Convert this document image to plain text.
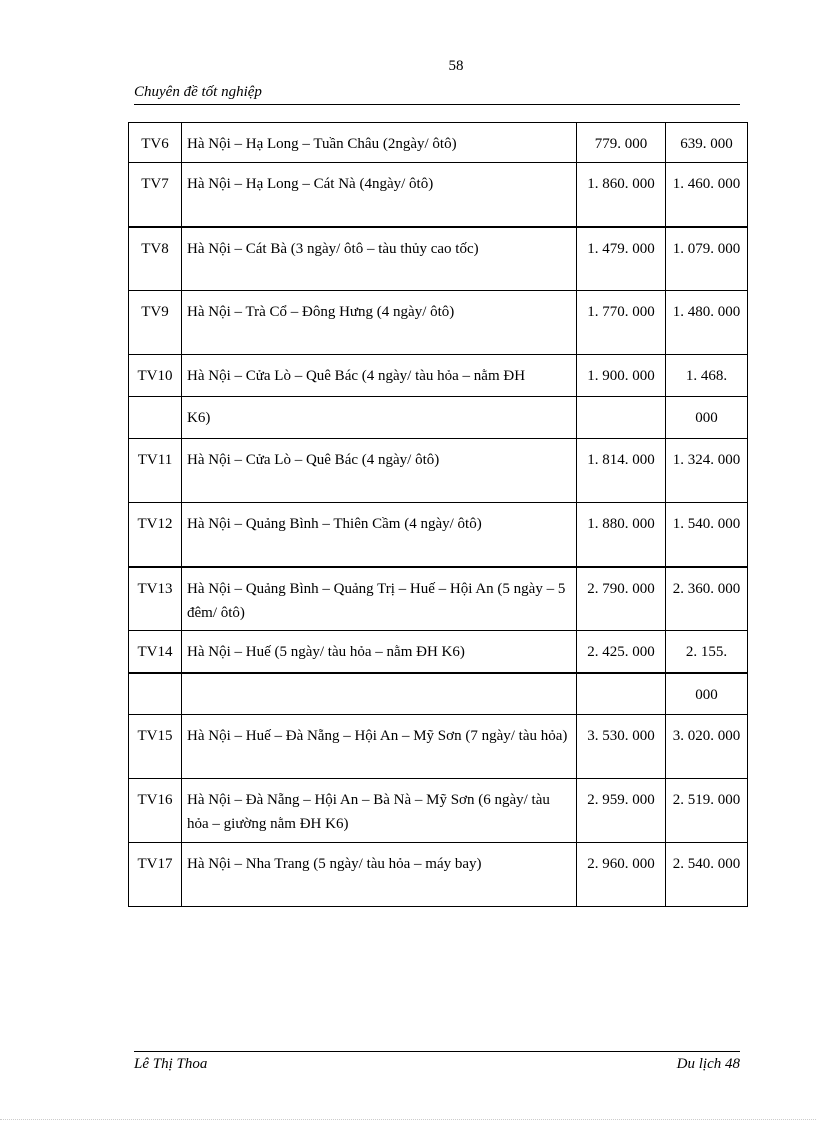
58
Chuyên đề tốt nghiệp
TV6	Hà Nội – Hạ Long – Tuần Châu (2ngày/ ôtô)	779. 000	639. 000
TV7	Hà Nội – Hạ Long – Cát Nà (4ngày/ ôtô)	1. 860. 000	1. 460. 000
TV8	Hà Nội – Cát Bà (3 ngày/ ôtô – tàu thủy cao tốc)	1. 479. 000	1. 079. 000
TV9	Hà Nội – Trà Cổ – Đông Hưng (4 ngày/ ôtô)	1. 770. 000	1. 480. 000
TV10	Hà Nội – Cửa Lò – Quê Bác (4 ngày/ tàu hỏa – nằm ĐH	1. 900. 000	1. 468.
	K6)		000
TV11	Hà Nội – Cửa Lò – Quê Bác (4 ngày/ ôtô)	1. 814. 000	1. 324. 000
TV12	Hà Nội – Quảng Bình – Thiên Cầm (4 ngày/ ôtô)	1. 880. 000	1. 540. 000
TV13	Hà Nội – Quảng Bình – Quảng Trị – Huế – Hội An (5 ngày – 5 đêm/ ôtô)	2. 790. 000	2. 360. 000
TV14	Hà Nội – Huế (5 ngày/ tàu hỏa – nằm ĐH K6)	2. 425. 000	2. 155.
			000
TV15	Hà Nội – Huế – Đà Nẵng – Hội An – Mỹ Sơn (7 ngày/ tàu hỏa)	3. 530. 000	3. 020. 000
TV16	Hà Nội – Đà Nẵng – Hội An – Bà Nà – Mỹ Sơn (6 ngày/ tàu hỏa – giường nằm ĐH K6)	2. 959. 000	2. 519. 000
TV17	Hà Nội – Nha Trang (5 ngày/ tàu hỏa – máy bay)	2. 960. 000	2. 540. 000
Lê Thị Thoa	Du lịch 48
